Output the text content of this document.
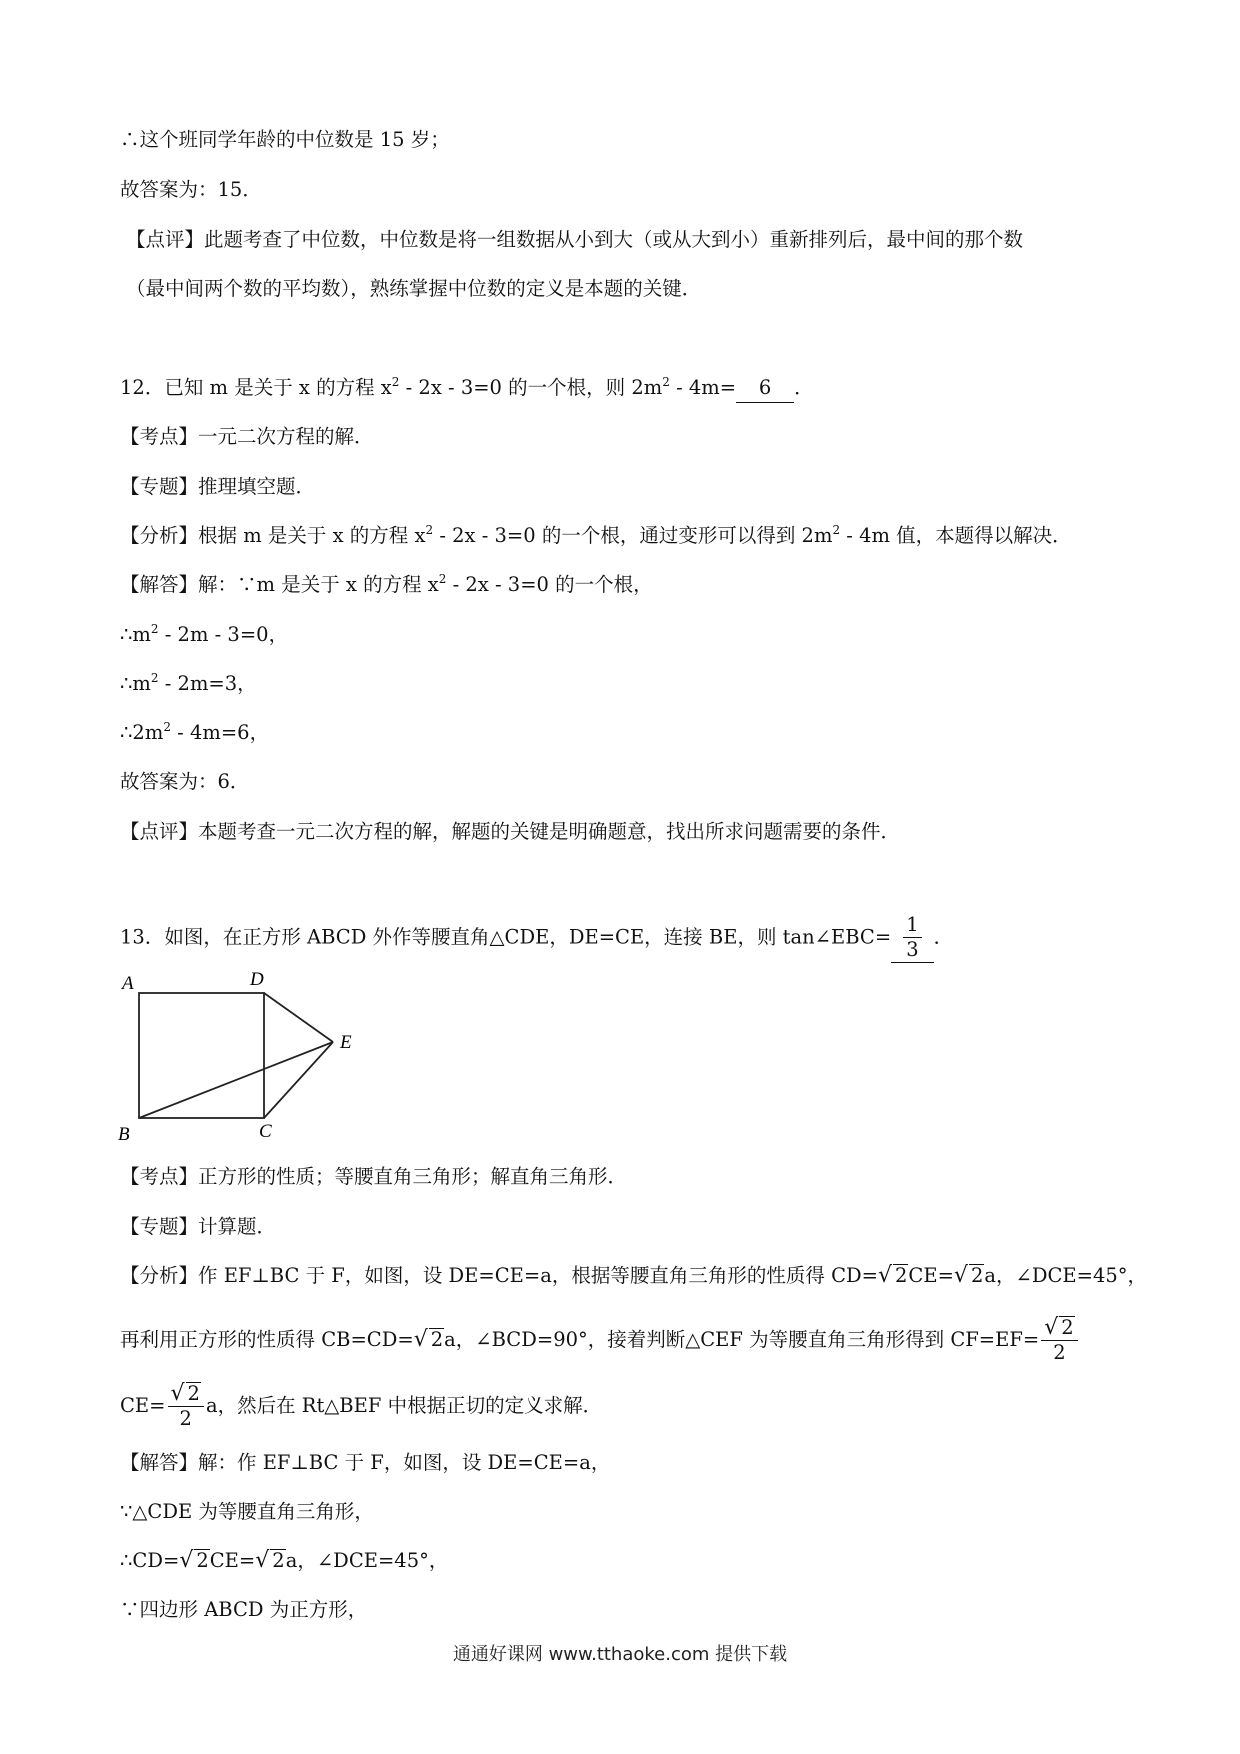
∴这个班同学年龄的中位数是 15 岁；
故答案为：15．
【点评】此题考查了中位数，中位数是将一组数据从小到大（或从大到小）重新排列后，最中间的那个数
（最中间两个数的平均数），熟练掌握中位数的定义是本题的关键．
12．已知 m 是关于 x 的方程 $x^2 - 2x - 3=0$ 的一个根，则 $2m^2 - 4m= 6$ ．
【考点】一元二次方程的解．
【专题】推理填空题．
【分析】根据 m 是关于 x 的方程 $x^2 - 2x - 3=0$ 的一个根，通过变形可以得到 $2m^2 - 4m$ 值，本题得以解决．
【解答】解：∵m 是关于 x 的方程 $x^2 - 2x - 3=0$ 的一个根，
$\therefore m^2 - 2m - 3=0$，
$\therefore m^2 - 2m=3$，
$\therefore 2m^2 - 4m=6$，
故答案为：6．
【点评】本题考查一元二次方程的解，解题的关键是明确题意，找出所求问题需要的条件．
13．如图，在正方形 ABCD 外作等腰直角△CDE，DE=CE，连接 BE，则 tan∠EBC= $\frac{1}{3}$ ．
A	D
E
B	C
【考点】正方形的性质；等腰直角三角形；解直角三角形．
【专题】计算题．
【分析】作 EF⊥BC 于 F，如图，设 DE=CE=a，根据等腰直角三角形的性质得 CD=√ 2CE=√ 2a，∠DCE=45°，
再利用正方形的性质得 CB=CD=√ 2a，∠BCD=90°，接着判断△CEF 为等腰直角三角形得到 $CF=EF= \frac{√ 2}{2}$
$CE= \frac{√ 2}{2}$ a，然后在 Rt△BEF 中根据正切的定义求解．
【解答】解：作 EF⊥BC 于 F，如图，设 DE=CE=a，
∵△CDE 为等腰直角三角形，
∴CD=√ 2CE=√ 2a，∠DCE=45°，
∵四边形 ABCD 为正方形，
通通好课网 www.tthaoke.com 提供下载
